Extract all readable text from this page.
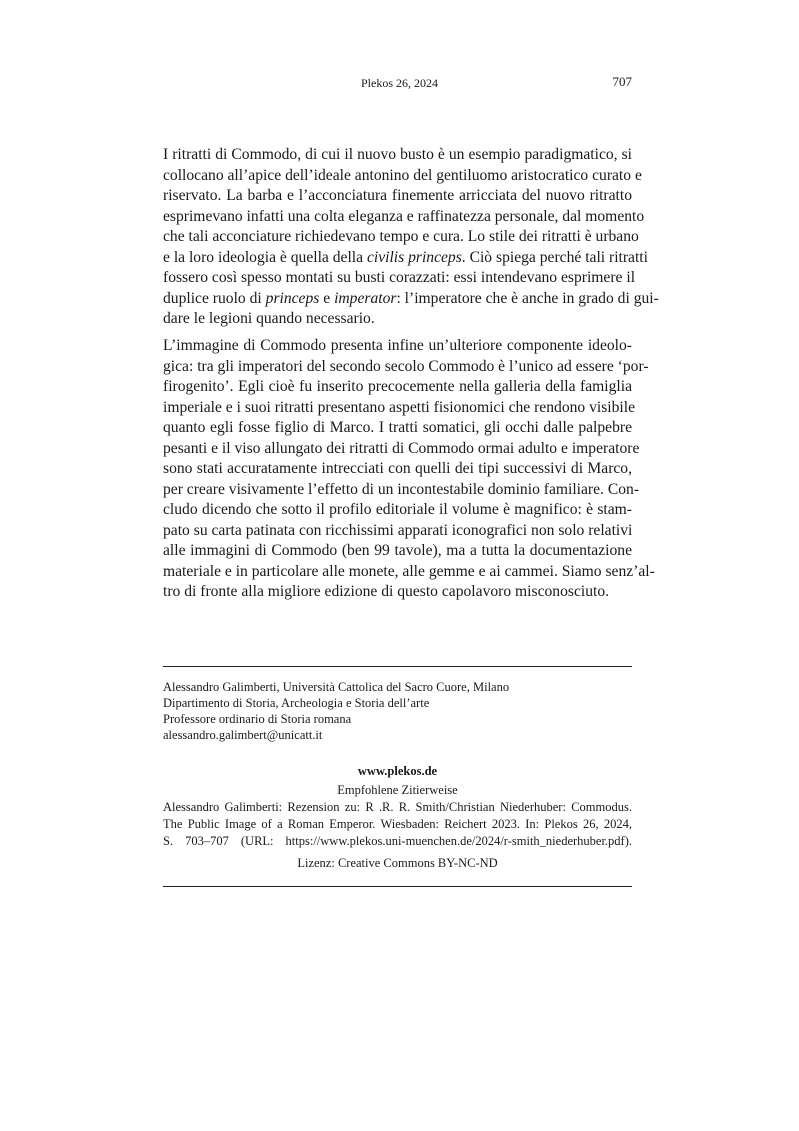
Plekos 26, 2024	707
I ritratti di Commodo, di cui il nuovo busto è un esempio paradigmatico, si
collocano all’apice dell’ideale antonino del gentiluomo aristocratico curato e
riservato. La barba e l’acconciatura finemente arricciata del nuovo ritratto
esprimevano infatti una colta eleganza e raffinatezza personale, dal momento
che tali acconciature richiedevano tempo e cura. Lo stile dei ritratti è urbano
e la loro ideologia è quella della civilis princeps. Ciò spiega perché tali ritratti
fossero così spesso montati su busti corazzati: essi intendevano esprimere il
duplice ruolo di princeps e imperator: l’imperatore che è anche in grado di gui-
dare le legioni quando necessario.
L’immagine di Commodo presenta infine un’ulteriore componente ideolo-
gica: tra gli imperatori del secondo secolo Commodo è l’unico ad essere ‘por-
firogenito’. Egli cioè fu inserito precocemente nella galleria della famiglia
imperiale e i suoi ritratti presentano aspetti fisionomici che rendono visibile
quanto egli fosse figlio di Marco. I tratti somatici, gli occhi dalle palpebre
pesanti e il viso allungato dei ritratti di Commodo ormai adulto e imperatore
sono stati accuratamente intrecciati con quelli dei tipi successivi di Marco,
per creare visivamente l’effetto di un incontestabile dominio familiare. Con-
cludo dicendo che sotto il profilo editoriale il volume è magnifico: è stam-
pato su carta patinata con ricchissimi apparati iconografici non solo relativi
alle immagini di Commodo (ben 99 tavole), ma a tutta la documentazione
materiale e in particolare alle monete, alle gemme e ai cammei. Siamo senz’al-
tro di fronte alla migliore edizione di questo capolavoro misconosciuto.
Alessandro Galimberti, Università Cattolica del Sacro Cuore, Milano
Dipartimento di Storia, Archeologia e Storia dell’arte
Professore ordinario di Storia romana
alessandro.galimbert@unicatt.it
www.plekos.de
Empfohlene Zitierweise
Alessandro Galimberti: Rezension zu: R .R. R. Smith/Christian Niederhuber: Commodus.
The Public Image of a Roman Emperor. Wiesbaden: Reichert 2023. In: Plekos 26, 2024,
S. 703–707 (URL: https://www.plekos.uni-muenchen.de/2024/r-smith_niederhuber.pdf).
Lizenz: Creative Commons BY-NC-ND
